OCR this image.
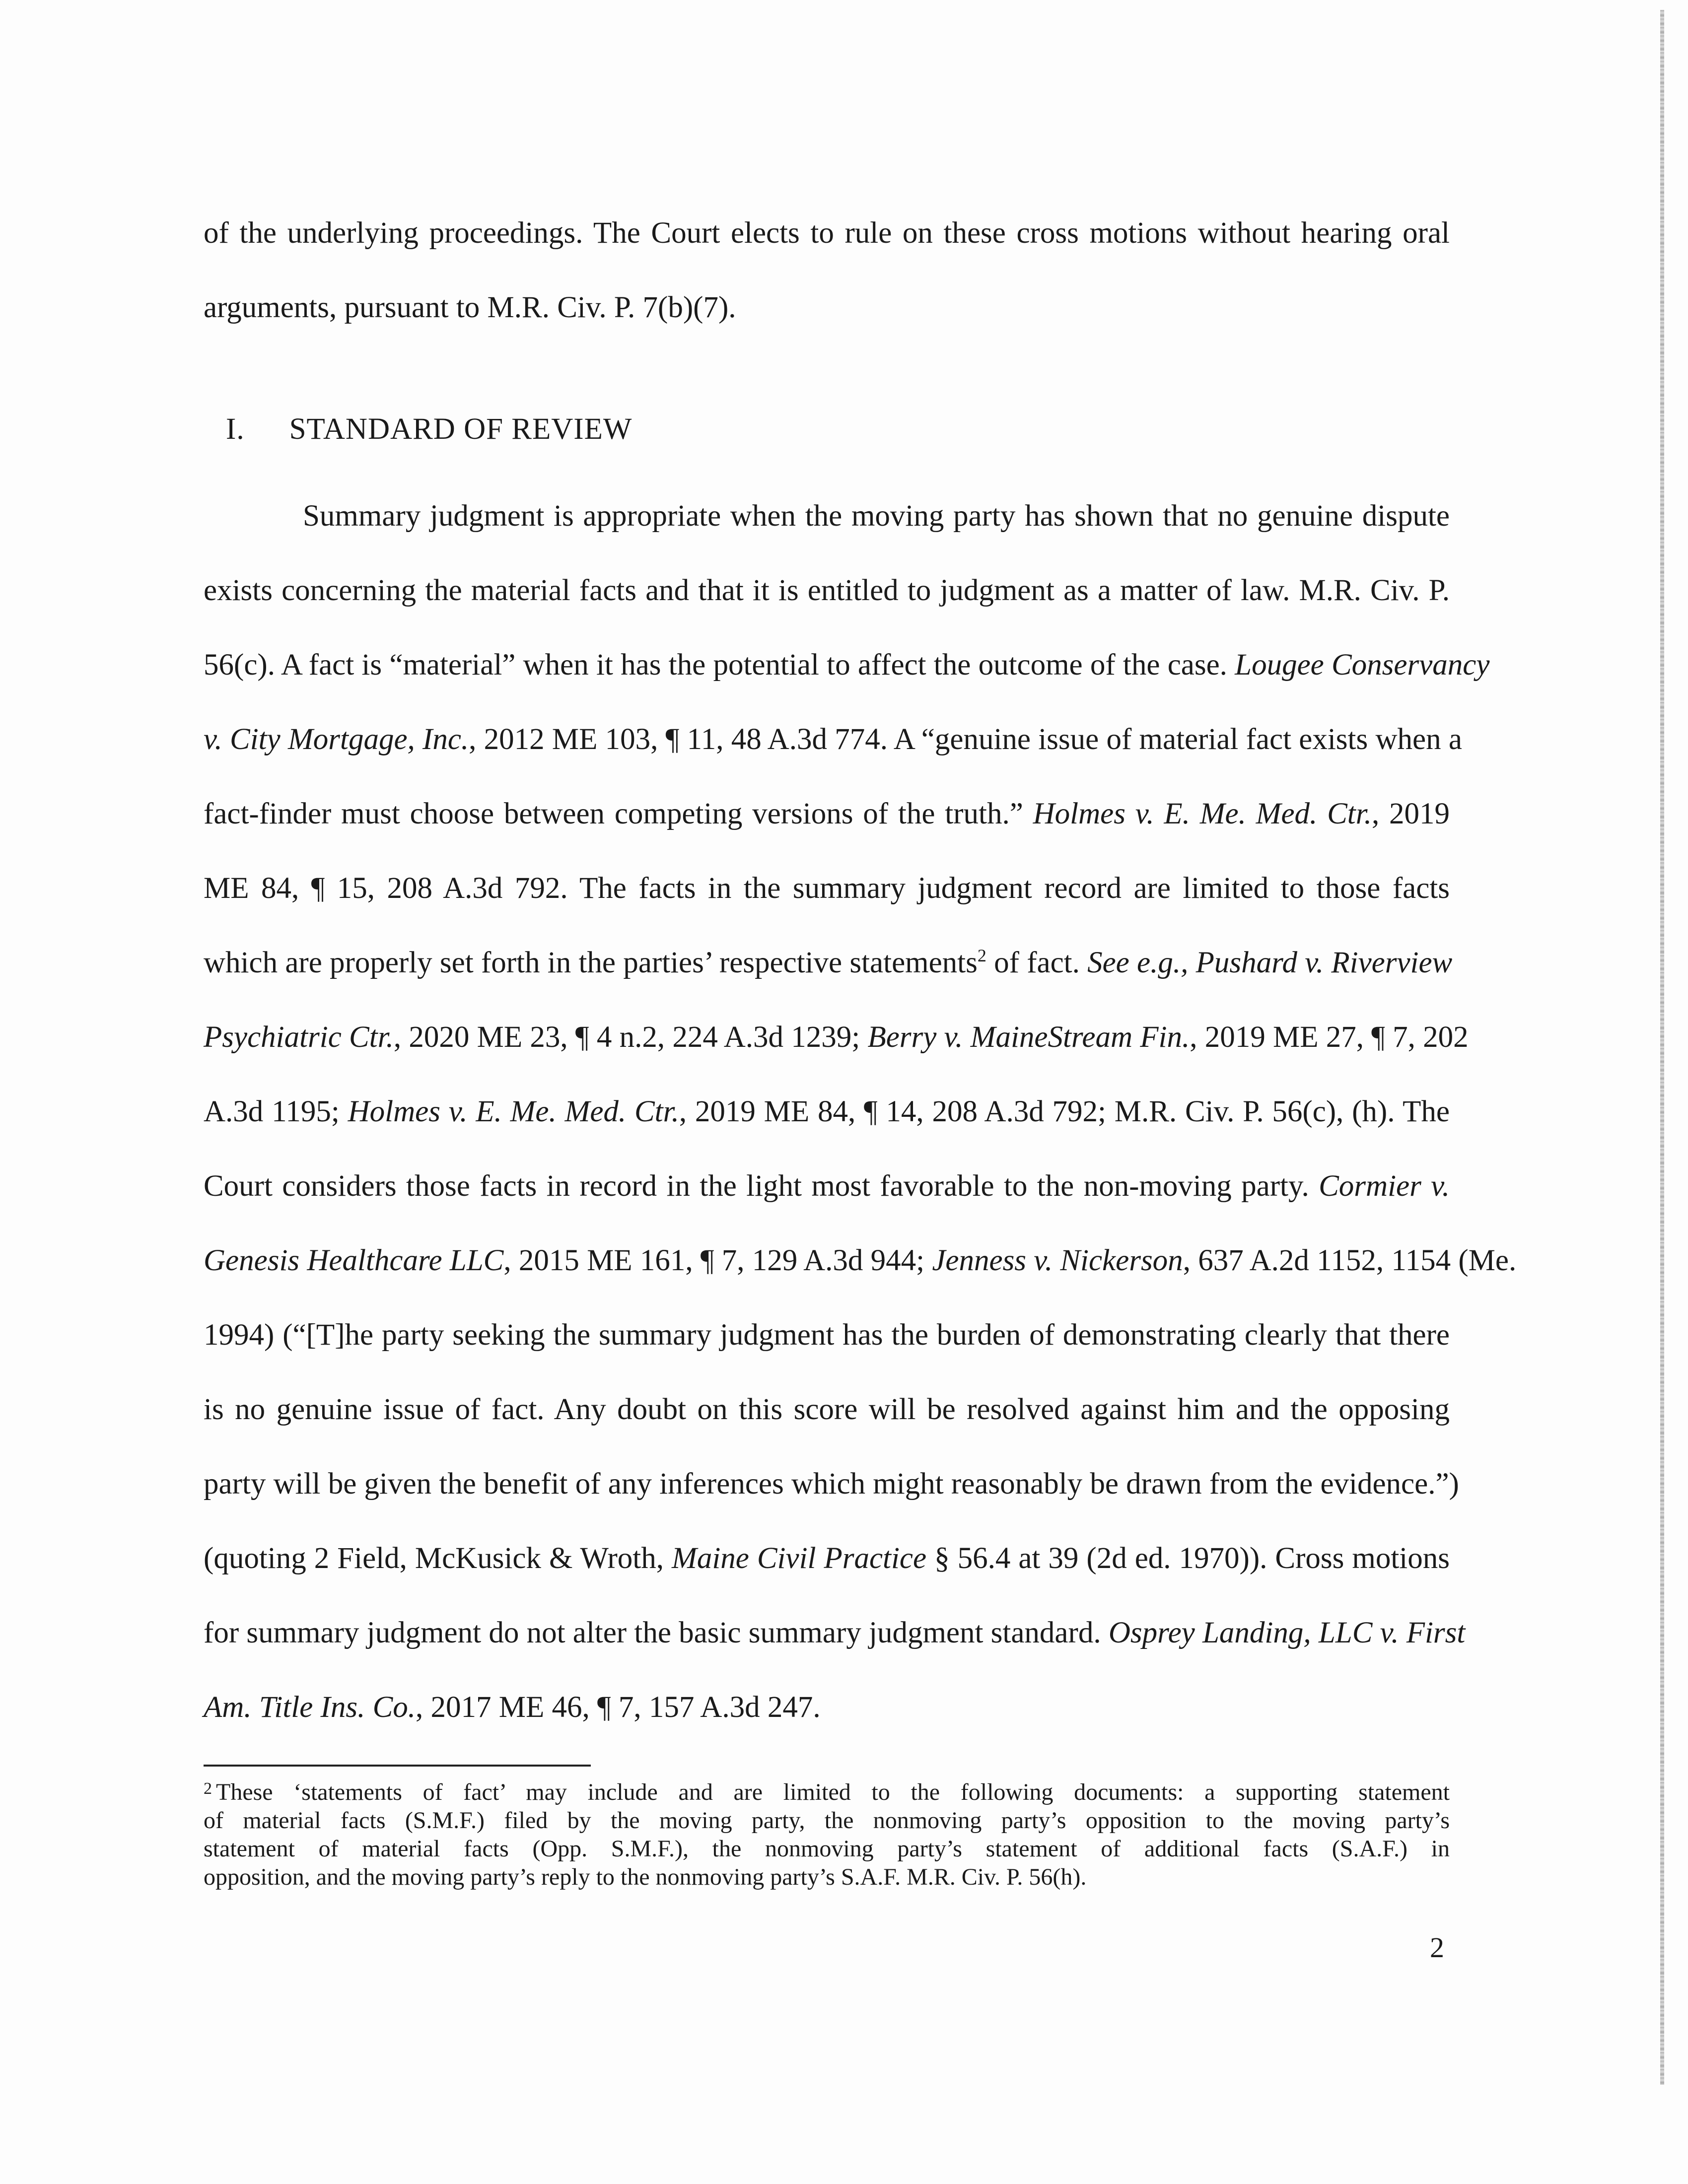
of the underlying proceedings. The Court elects to rule on these cross motions without hearing oral
arguments, pursuant to M.R. Civ. P. 7(b)(7).
I. STANDARD OF REVIEW
Summary judgment is appropriate when the moving party has shown that no genuine dispute
exists concerning the material facts and that it is entitled to judgment as a matter of law. M.R. Civ. P.
56(c). A fact is “material” when it has the potential to affect the outcome of the case. Lougee Conservancy
v. City Mortgage, Inc., 2012 ME 103, ¶ 11, 48 A.3d 774. A “genuine issue of material fact exists when a
fact-finder must choose between competing versions of the truth.” Holmes v. E. Me. Med. Ctr., 2019
ME 84, ¶ 15, 208 A.3d 792. The facts in the summary judgment record are limited to those facts
which are properly set forth in the parties’ respective statements$^2$ of fact. See e.g., Pushard v. Riverview
Psychiatric Ctr., 2020 ME 23, ¶ 4 n.2, 224 A.3d 1239; Berry v. MaineStream Fin., 2019 ME 27, ¶ 7, 202
A.3d 1195; Holmes v. E. Me. Med. Ctr., 2019 ME 84, ¶ 14, 208 A.3d 792; M.R. Civ. P. 56(c), (h). The
Court considers those facts in record in the light most favorable to the non-moving party. Cormier v.
Genesis Healthcare LLC, 2015 ME 161, ¶ 7, 129 A.3d 944; Jenness v. Nickerson, 637 A.2d 1152, 1154 (Me.
1994) (“[T]he party seeking the summary judgment has the burden of demonstrating clearly that there
is no genuine issue of fact. Any doubt on this score will be resolved against him and the opposing
party will be given the benefit of any inferences which might reasonably be drawn from the evidence.”)
(quoting 2 Field, McKusick & Wroth, Maine Civil Practice § 56.4 at 39 (2d ed. 1970)). Cross motions
for summary judgment do not alter the basic summary judgment standard. Osprey Landing, LLC v. First
Am. Title Ins. Co., 2017 ME 46, ¶ 7, 157 A.3d 247.
$^2$ These ‘statements of fact’ may include and are limited to the following documents: a supporting statement
of material facts (S.M.F.) filed by the moving party, the nonmoving party’s opposition to the moving party’s
statement of material facts (Opp. S.M.F.), the nonmoving party’s statement of additional facts (S.A.F.) in
opposition, and the moving party’s reply to the nonmoving party’s S.A.F. M.R. Civ. P. 56(h).
2
